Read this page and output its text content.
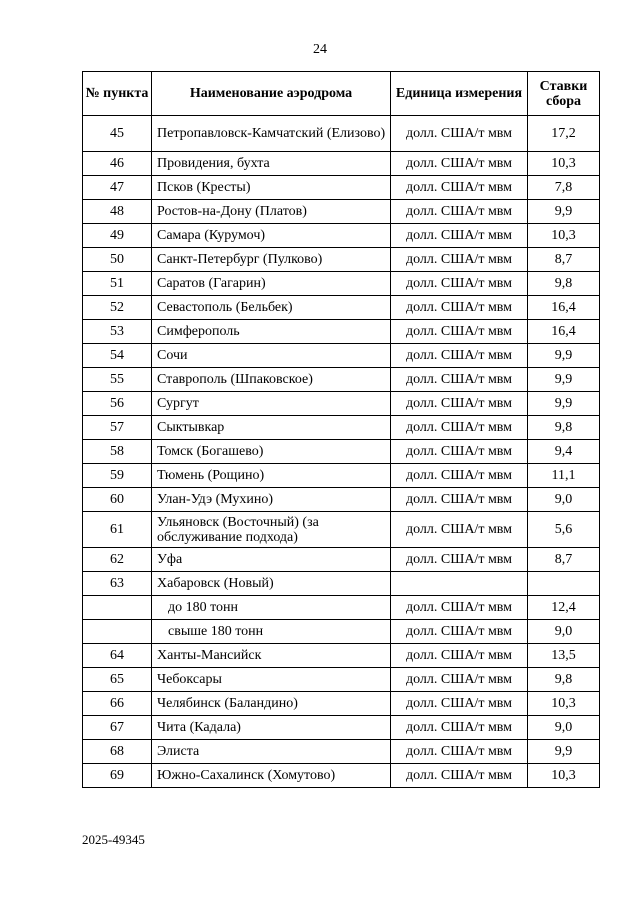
24
№ пункта	Наименование аэродрома	Единица измерения	Ставки сбора
45	Петропавловск-Камчатский (Елизово)	долл. США/т мвм	17,2
46	Провидения, бухта	долл. США/т мвм	10,3
47	Псков (Кресты)	долл. США/т мвм	7,8
48	Ростов-на-Дону (Платов)	долл. США/т мвм	9,9
49	Самара (Курумоч)	долл. США/т мвм	10,3
50	Санкт-Петербург (Пулково)	долл. США/т мвм	8,7
51	Саратов (Гагарин)	долл. США/т мвм	9,8
52	Севастополь (Бельбек)	долл. США/т мвм	16,4
53	Симферополь	долл. США/т мвм	16,4
54	Сочи	долл. США/т мвм	9,9
55	Ставрополь (Шпаковское)	долл. США/т мвм	9,9
56	Сургут	долл. США/т мвм	9,9
57	Сыктывкар	долл. США/т мвм	9,8
58	Томск (Богашево)	долл. США/т мвм	9,4
59	Тюмень (Рощино)	долл. США/т мвм	11,1
60	Улан-Удэ (Мухино)	долл. США/т мвм	9,0
61	Ульяновск (Восточный) (за обслуживание подхода)	долл. США/т мвм	5,6
62	Уфа	долл. США/т мвм	8,7
63	Хабаровск (Новый)		
	до 180 тонн	долл. США/т мвм	12,4
	свыше 180 тонн	долл. США/т мвм	9,0
64	Ханты-Мансийск	долл. США/т мвм	13,5
65	Чебоксары	долл. США/т мвм	9,8
66	Челябинск (Баландино)	долл. США/т мвм	10,3
67	Чита (Кадала)	долл. США/т мвм	9,0
68	Элиста	долл. США/т мвм	9,9
69	Южно-Сахалинск (Хомутово)	долл. США/т мвм	10,3
2025-49345
